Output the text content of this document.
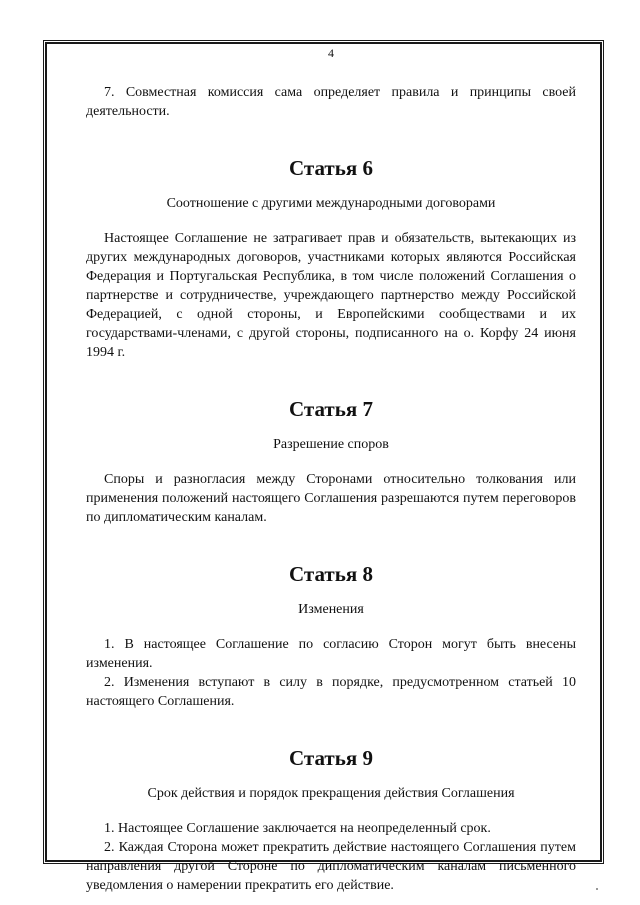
4

7. Совместная комиссия сама определяет правила и принципы своей деятельности.

Статья 6

Соотношение с другими международными договорами

Настоящее Соглашение не затрагивает прав и обязательств, вытекающих из других международных договоров, участниками которых являются Российская Федерация и Португальская Республика, в том числе положений Соглашения о партнерстве и сотрудничестве, учреждающего партнерство между Российской Федерацией, с одной стороны, и Европейскими сообществами и их государствами-членами, с другой стороны, подписанного на о. Корфу 24 июня 1994 г.

Статья 7

Разрешение споров

Споры и разногласия между Сторонами относительно толкования или применения положений настоящего Соглашения разрешаются путем переговоров по дипломатическим каналам.

Статья 8

Изменения

1. В настоящее Соглашение по согласию Сторон могут быть внесены изменения.

2. Изменения вступают в силу в порядке, предусмотренном статьей 10 настоящего Соглашения.

Статья 9

Срок действия и порядок прекращения действия Соглашения

1. Настоящее Соглашение заключается на неопределенный срок.

2. Каждая Сторона может прекратить действие настоящего Соглашения путем направления другой Стороне по дипломатическим каналам письменного уведомления о намерении прекратить его действие.
